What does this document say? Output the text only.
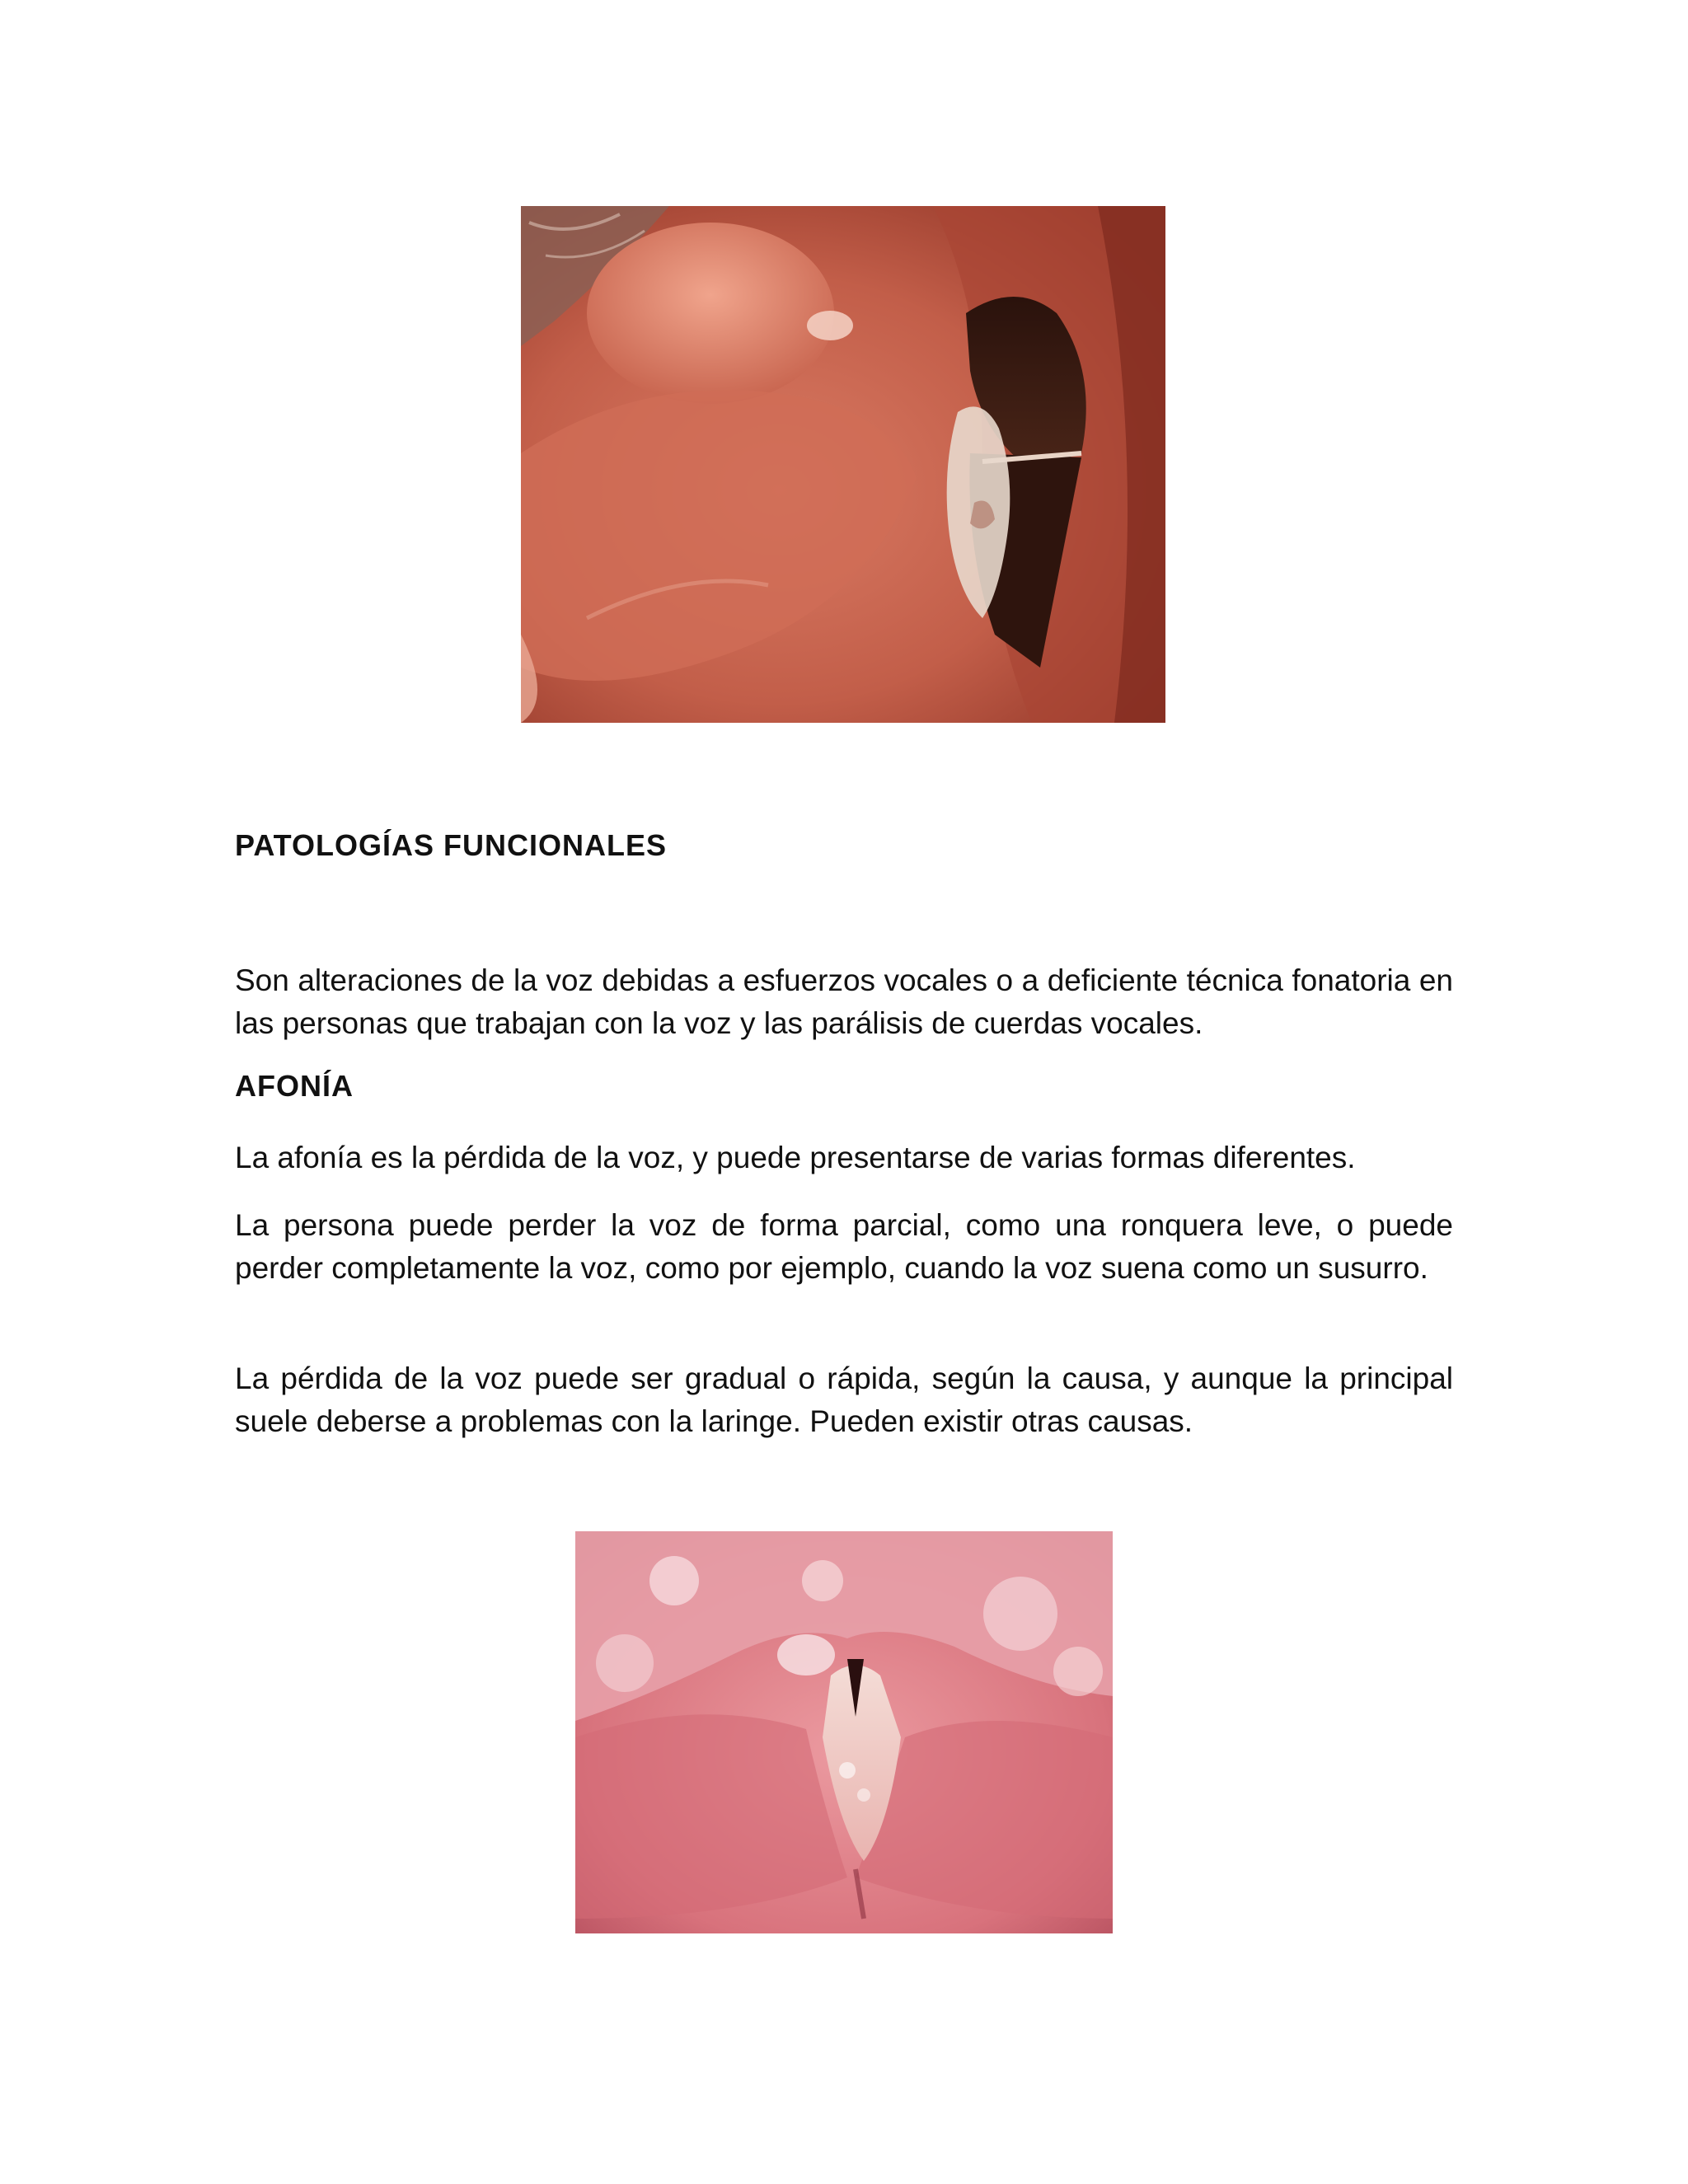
PATOLOGÍAS FUNCIONALES

Son alteraciones de la voz debidas a esfuerzos vocales o a deficiente técnica fonatoria en las personas que trabajan con la voz y las parálisis de cuerdas vocales.

AFONÍA

La afonía es la pérdida de la voz, y puede presentarse de varias formas diferentes.

La persona puede perder la voz de forma parcial, como una ronquera leve, o puede perder completamente la voz, como por ejemplo, cuando la voz suena como un susurro.

La pérdida de la voz puede ser gradual o rápida, según la causa, y aunque la principal suele deberse a problemas con la laringe. Pueden existir otras causas.
